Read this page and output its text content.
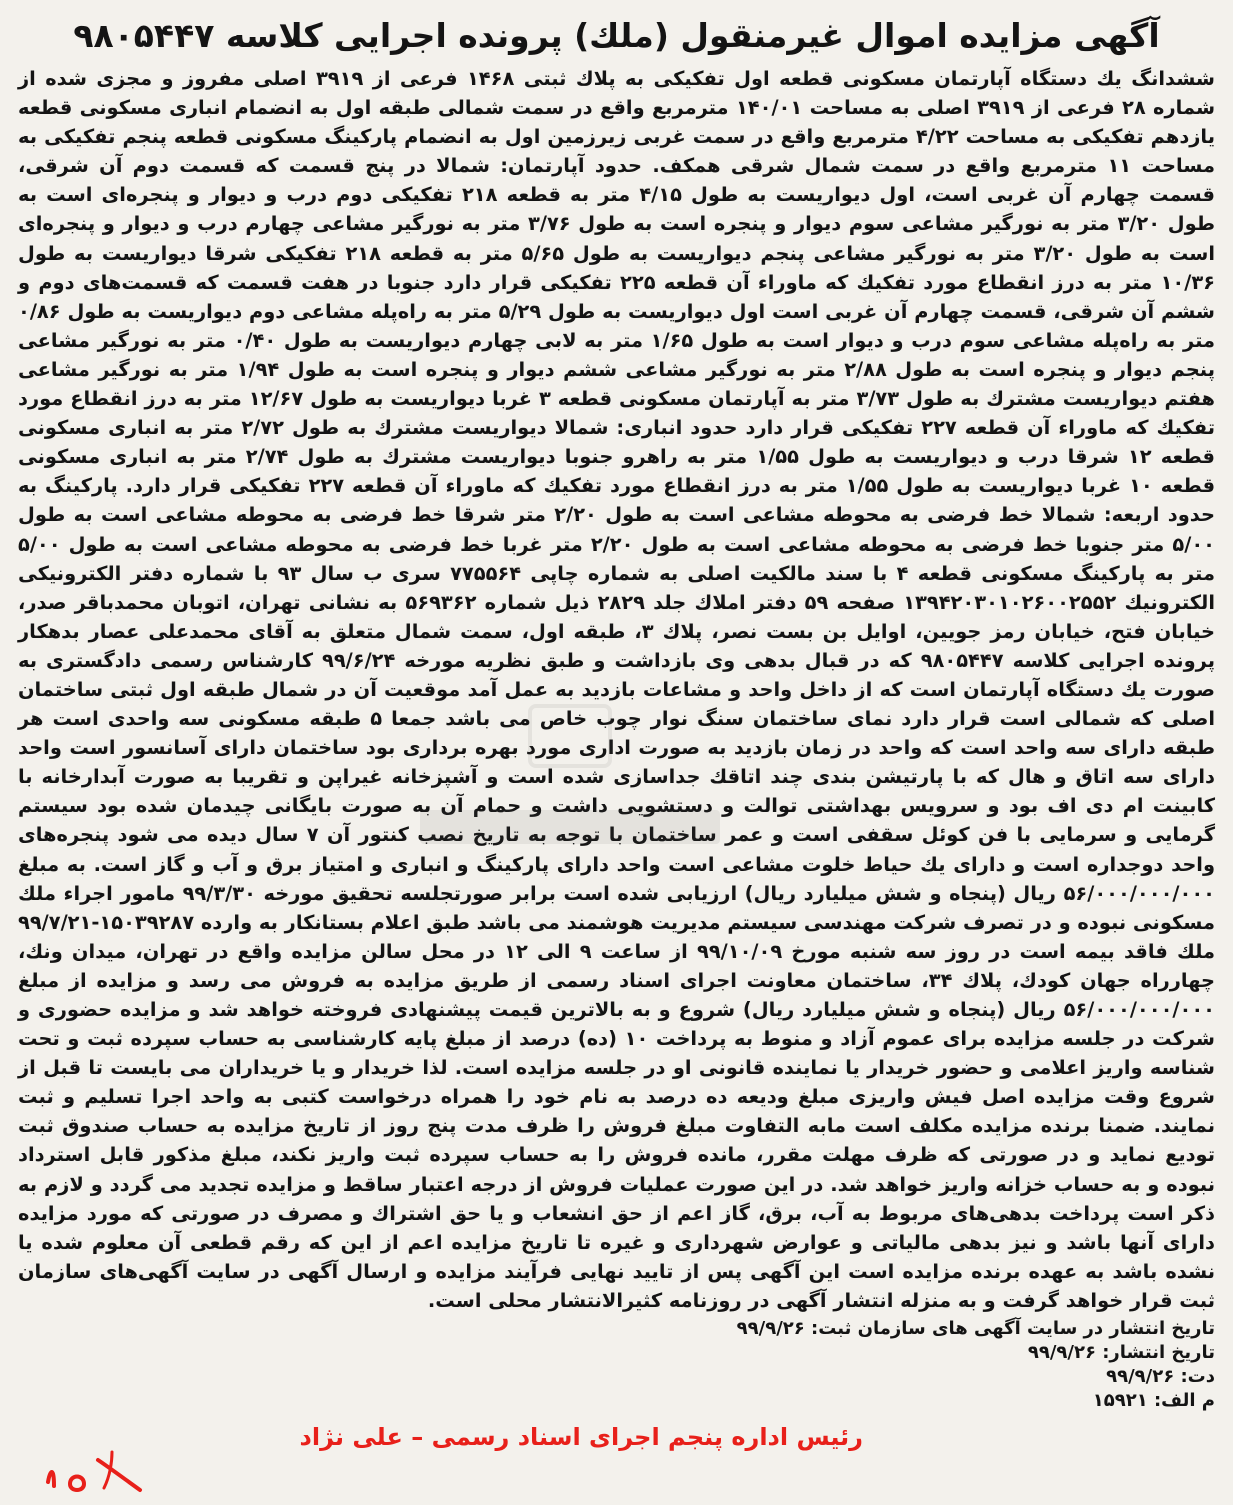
آگهی مزایده اموال غیرمنقول (ملك) پرونده اجرایی كلاسه ۹۸۰۵۴۴۷

ششدانگ يك دستگاه آپارتمان مسكونی قطعه اول تفكيكی به پلاك ثبتی ۱۴۶۸ فرعی از ۳۹۱۹ اصلی مفروز و مجزی شده از شماره ۲۸ فرعی از ۳۹۱۹ اصلی به مساحت ۱۴۰/۰۱ مترمربع واقع در سمت شمالی طبقه اول به انضمام انباری مسكونی قطعه يازدهم تفكيكی به مساحت ۴/۲۲ مترمربع واقع در سمت غربی زيرزمين اول به انضمام پاركينگ مسكونی قطعه پنجم تفكيكی به مساحت ۱۱ مترمربع واقع در سمت شمال شرقی همكف. حدود آپارتمان: شمالا در پنج قسمت كه قسمت دوم آن شرقی، قسمت چهارم آن غربی است، اول ديواريست به طول ۴/۱۵ متر به قطعه ۲۱۸ تفكيكی دوم درب و ديوار و پنجره‌ای است به طول ۳/۲۰ متر به نورگير مشاعی سوم ديوار و پنجره است به طول ۳/۷۶ متر به نورگير مشاعی چهارم درب و ديوار و پنجره‌ای است به طول ۳/۲۰ متر به نورگير مشاعی پنجم ديواريست به طول ۵/۶۵ متر به قطعه ۲۱۸ تفكيكی شرقا ديواريست به طول ۱۰/۳۶ متر به درز انقطاع مورد تفكيك كه ماوراء آن قطعه ۲۲۵ تفكيكی قرار دارد جنوبا در هفت قسمت كه قسمت‌های دوم و ششم آن شرقی، قسمت چهارم آن غربی است اول ديواريست به طول ۵/۲۹ متر به راه‌پله مشاعی دوم ديواريست به طول ۰/۸۶ متر به راه‌پله مشاعی سوم درب و ديوار است به طول ۱/۶۵ متر به لابی چهارم ديواريست به طول ۰/۴۰ متر به نورگير مشاعی پنجم ديوار و پنجره است به طول ۲/۸۸ متر به نورگير مشاعی ششم ديوار و پنجره است به طول ۱/۹۴ متر به نورگير مشاعی هفتم ديواريست مشترك به طول ۳/۷۳ متر به آپارتمان مسكونی قطعه ۳ غربا ديواريست به طول ۱۲/۶۷ متر به درز انقطاع مورد تفكيك كه ماوراء آن قطعه ۲۲۷ تفكيكی قرار دارد حدود انباری: شمالا ديواريست مشترك به طول ۲/۷۲ متر به انباری مسكونی قطعه ۱۲ شرقا درب و ديواريست به طول ۱/۵۵ متر به راهرو جنوبا ديواريست مشترك به طول ۲/۷۴ متر به انباری مسكونی قطعه ۱۰ غربا ديواريست به طول ۱/۵۵ متر به درز انقطاع مورد تفكيك كه ماوراء آن قطعه ۲۲۷ تفكيكی قرار دارد. پاركينگ به حدود اربعه: شمالا خط فرضی به محوطه مشاعی است به طول ۲/۲۰ متر شرقا خط فرضی به محوطه مشاعی است به طول ۵/۰۰ متر جنوبا خط فرضی به محوطه مشاعی است به طول ۲/۲۰ متر غربا خط فرضی به محوطه مشاعی است به طول ۵/۰۰ متر به پاركينگ مسكونی قطعه ۴ با سند مالكيت اصلی به شماره چاپی ۷۷۵۵۶۴ سری ب سال ۹۳ با شماره دفتر الكترونيكی الكترونيك ۱۳۹۴۲۰۳۰۱۰۲۶۰۰۲۵۵۲ صفحه ۵۹ دفتر املاك جلد ۲۸۲۹ ذيل شماره ۵۶۹۳۶۲ به نشانی تهران، اتوبان محمدباقر صدر، خيابان فتح، خيابان رمز جويين، اوايل بن بست نصر، پلاك ۳، طبقه اول، سمت شمال متعلق به آقای محمدعلی عصار بدهكار پرونده اجرايی كلاسه ۹۸۰۵۴۴۷ كه در قبال بدهی وی بازداشت و طبق نظريه مورخه ۹۹/۶/۲۴ كارشناس رسمی دادگستری به صورت يك دستگاه آپارتمان است كه از داخل واحد و مشاعات بازديد به عمل آمد موقعيت آن در شمال طبقه اول ثبتی ساختمان اصلی كه شمالی است قرار دارد نمای ساختمان سنگ نوار چوب خاص می باشد جمعا ۵ طبقه مسكونی سه واحدی است هر طبقه دارای سه واحد است كه واحد در زمان بازديد به صورت اداری مورد بهره برداری بود ساختمان دارای آسانسور است واحد دارای سه اتاق و هال كه با پارتيشن بندی چند اتاقك جداسازی شده است و آشپزخانه غيراپن و تقريبا به صورت آبدارخانه با كابينت ام دی اف بود و سرويس بهداشتی توالت و دستشويی داشت و حمام آن به صورت بايگانی چيدمان شده بود سيستم گرمايی و سرمايی با فن كوئل سقفی است و عمر ساختمان با توجه به تاريخ نصب كنتور آن ۷ سال ديده می شود پنجره‌های واحد دوجداره است و دارای يك حياط خلوت مشاعی است واحد دارای پاركينگ و انباری و امتياز برق و آب و گاز است. به مبلغ ۵۶/۰۰۰/۰۰۰/۰۰۰ ريال (پنجاه و شش ميليارد ريال) ارزيابی شده است برابر صورتجلسه تحقيق مورخه ۹۹/۳/۳۰ مامور اجراء ملك مسكونی نبوده و در تصرف شركت مهندسی سيستم مديريت هوشمند می باشد طبق اعلام بستانكار به وارده ۱۵۰۳۹۲۸۷-۹۹/۷/۲۱ ملك فاقد بيمه است در روز سه شنبه مورخ ۹۹/۱۰/۰۹ از ساعت ۹ الی ۱۲ در محل سالن مزايده واقع در تهران، ميدان ونك، چهارراه جهان كودك، پلاك ۳۴، ساختمان معاونت اجرای اسناد رسمی از طريق مزايده به فروش می رسد و مزايده از مبلغ ۵۶/۰۰۰/۰۰۰/۰۰۰ ريال (پنجاه و شش ميليارد ريال) شروع و به بالاترين قيمت پيشنهادی فروخته خواهد شد و مزايده حضوری و شركت در جلسه مزايده برای عموم آزاد و منوط به پرداخت ۱۰ (ده) درصد از مبلغ پايه كارشناسی به حساب سپرده ثبت و تحت شناسه واريز اعلامی و حضور خريدار يا نماينده قانونی او در جلسه مزايده است. لذا خريدار و يا خريداران می بايست تا قبل از شروع وقت مزايده اصل فيش واريزی مبلغ وديعه ده درصد به نام خود را همراه درخواست كتبی به واحد اجرا تسليم و ثبت نمايند. ضمنا برنده مزايده مكلف است مابه التفاوت مبلغ فروش را ظرف مدت پنج روز از تاريخ مزايده به حساب صندوق ثبت توديع نمايد و در صورتی كه ظرف مهلت مقرر، مانده فروش را به حساب سپرده ثبت واريز نكند، مبلغ مذكور قابل استرداد نبوده و به حساب خزانه واريز خواهد شد. در اين صورت عمليات فروش از درجه اعتبار ساقط و مزايده تجديد می گردد و لازم به ذكر است پرداخت بدهی‌های مربوط به آب، برق، گاز اعم از حق انشعاب و يا حق اشتراك و مصرف در صورتی كه مورد مزايده دارای آنها باشد و نيز بدهی مالياتی و عوارض شهرداری و غيره تا تاريخ مزايده اعم از اين كه رقم قطعی آن معلوم شده يا نشده باشد به عهده برنده مزايده است اين آگهی پس از تاييد نهايی فرآيند مزايده و ارسال آگهی در سايت آگهی‌های سازمان ثبت قرار خواهد گرفت و به منزله انتشار آگهی در روزنامه كثيرالانتشار محلی است.

تاريخ انتشار در سايت آگهی های سازمان ثبت: ۹۹/۹/۲۶
تاريخ انتشار: ۹۹/۹/۲۶
دت: ۹۹/۹/۲۶
م الف: ۱۵۹۲۱
رئیس اداره پنجم اجرای اسناد رسمی – علی نژاد
